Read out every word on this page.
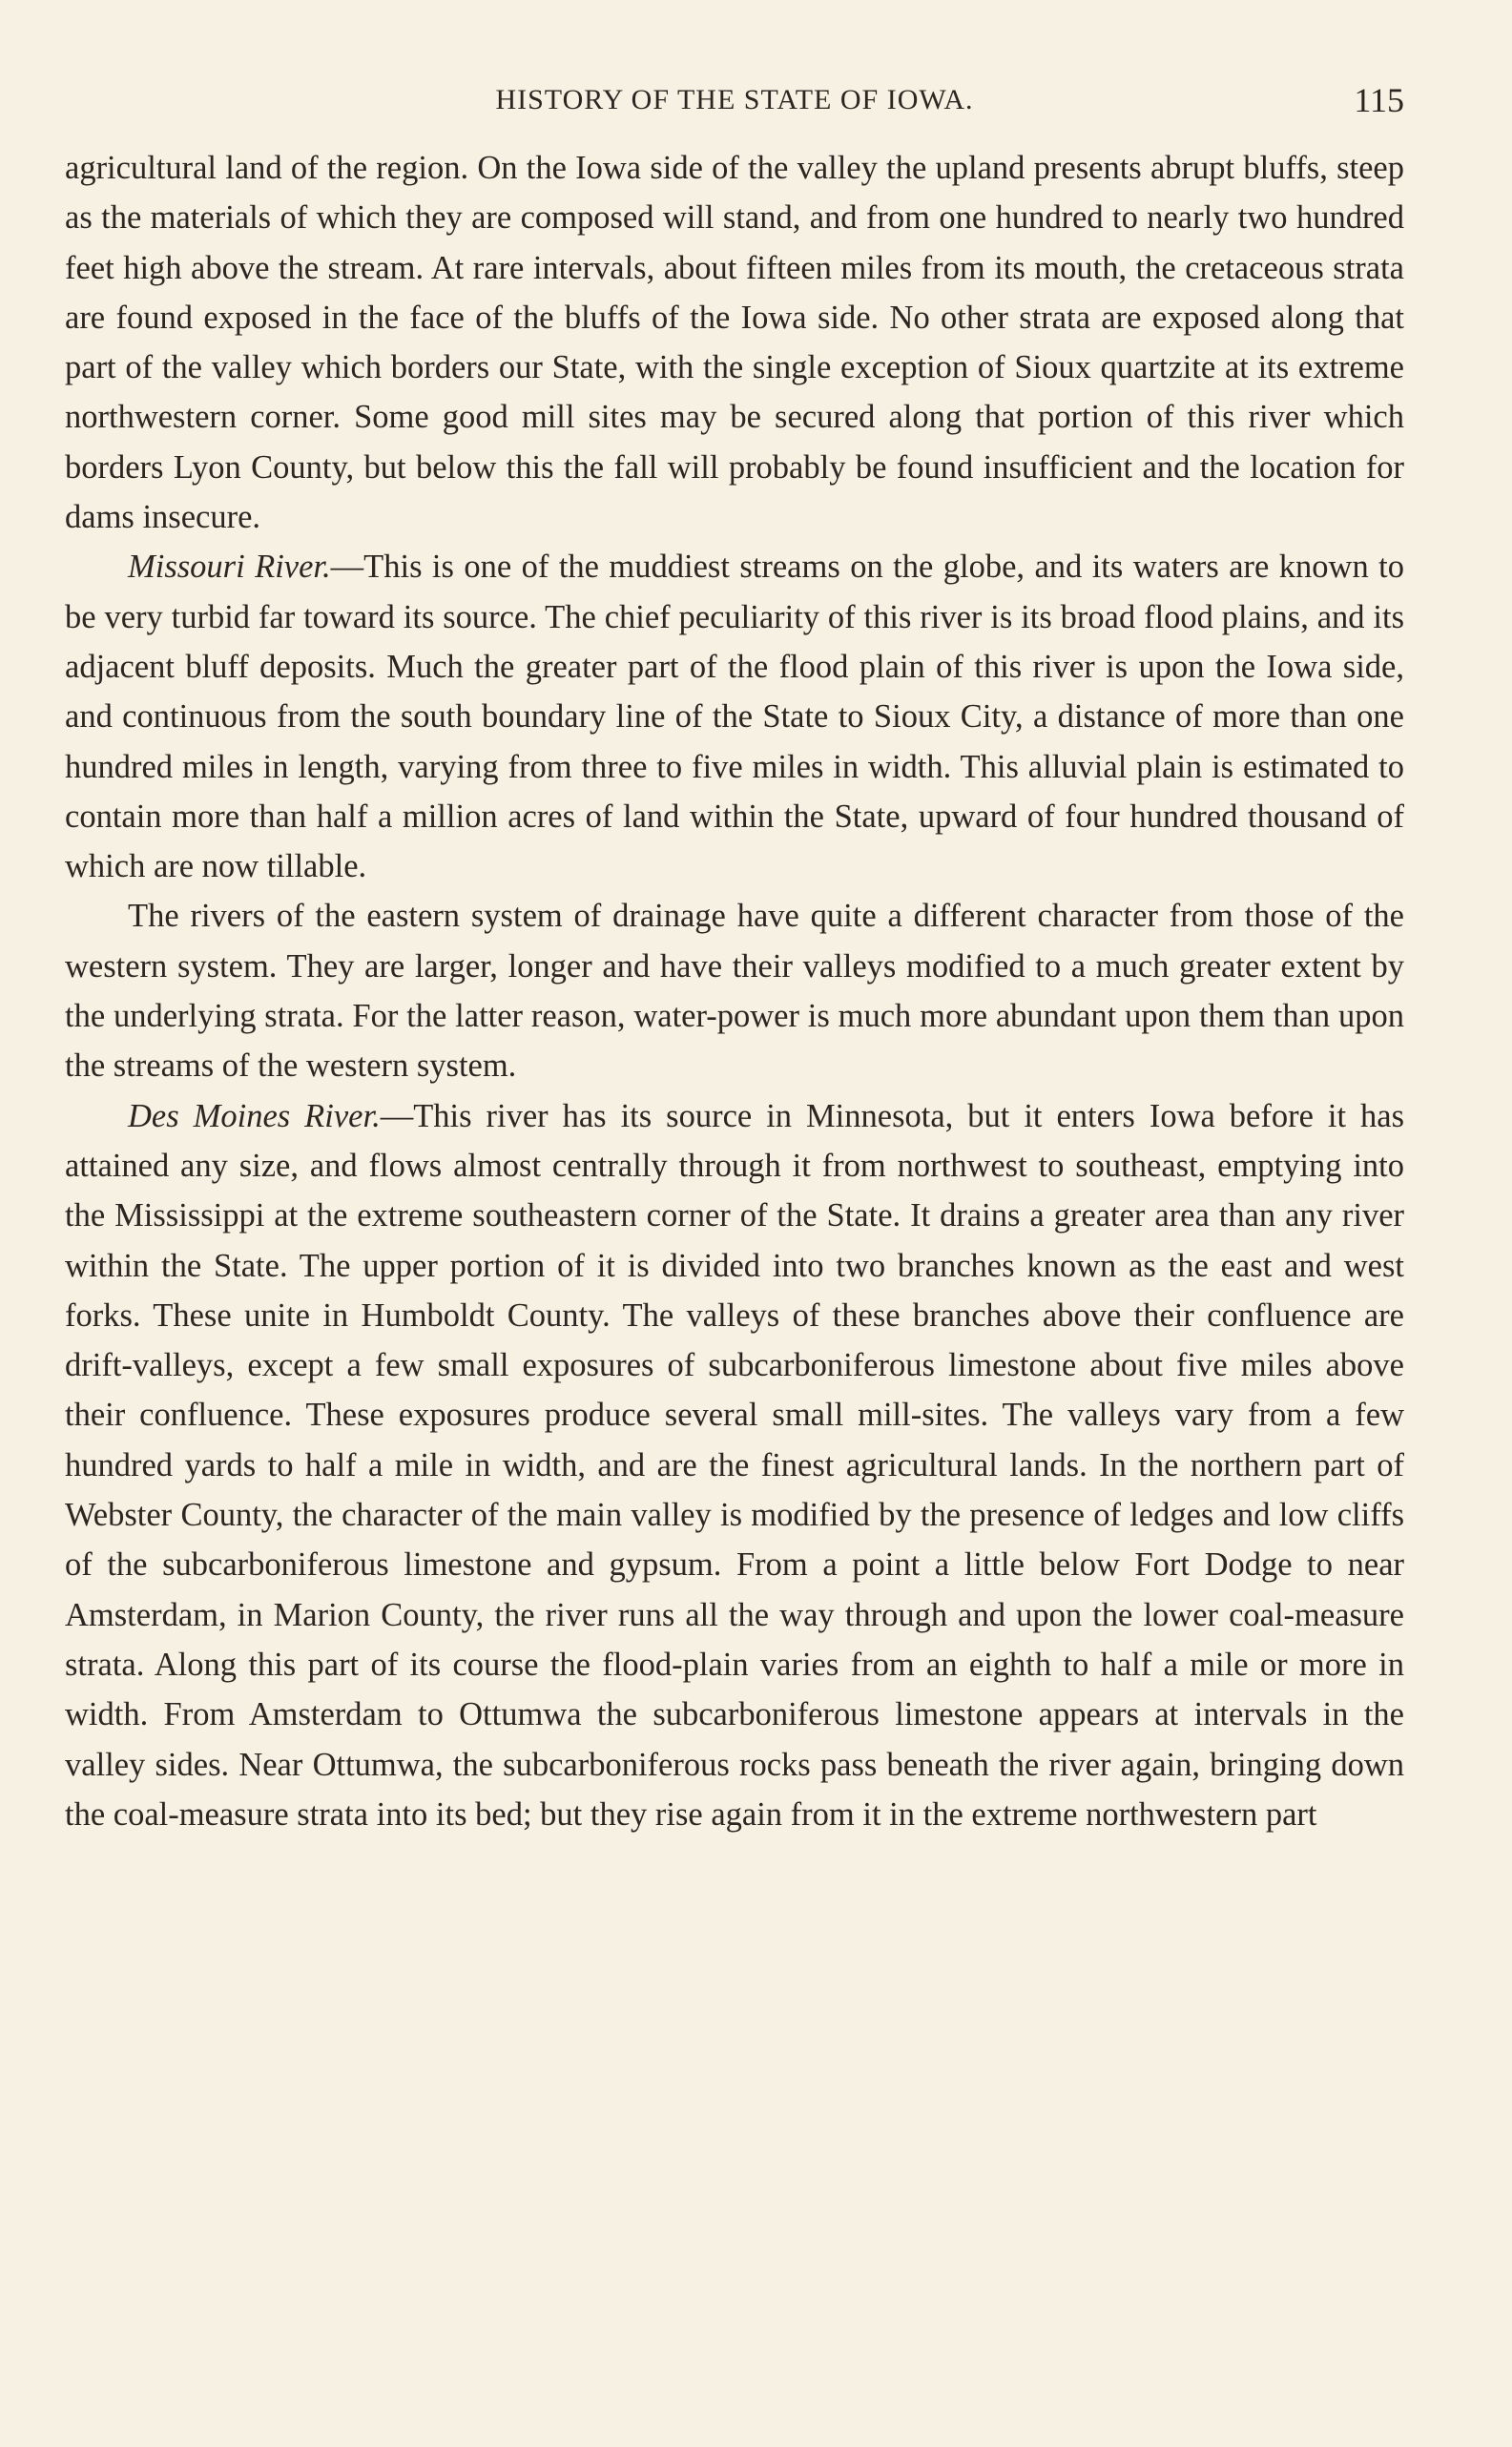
HISTORY OF THE STATE OF IOWA.	115

agricultural land of the region. On the Iowa side of the valley the upland presents abrupt bluffs, steep as the materials of which they are composed will stand, and from one hundred to nearly two hundred feet high above the stream. At rare intervals, about fifteen miles from its mouth, the cretaceous strata are found exposed in the face of the bluffs of the Iowa side. No other strata are exposed along that part of the valley which borders our State, with the single exception of Sioux quartzite at its extreme northwestern corner. Some good mill sites may be secured along that portion of this river which borders Lyon County, but below this the fall will probably be found insufficient and the location for dams insecure.

Missouri River.—This is one of the muddiest streams on the globe, and its waters are known to be very turbid far toward its source. The chief peculiarity of this river is its broad flood plains, and its adjacent bluff deposits. Much the greater part of the flood plain of this river is upon the Iowa side, and continuous from the south boundary line of the State to Sioux City, a distance of more than one hundred miles in length, varying from three to five miles in width. This alluvial plain is estimated to contain more than half a million acres of land within the State, upward of four hundred thousand of which are now tillable.

The rivers of the eastern system of drainage have quite a different character from those of the western system. They are larger, longer and have their valleys modified to a much greater extent by the underlying strata. For the latter reason, water-power is much more abundant upon them than upon the streams of the western system.

Des Moines River.—This river has its source in Minnesota, but it enters Iowa before it has attained any size, and flows almost centrally through it from northwest to southeast, emptying into the Mississippi at the extreme southeastern corner of the State. It drains a greater area than any river within the State. The upper portion of it is divided into two branches known as the east and west forks. These unite in Humboldt County. The valleys of these branches above their confluence are drift-valleys, except a few small exposures of subcarboniferous limestone about five miles above their confluence. These exposures produce several small mill-sites. The valleys vary from a few hundred yards to half a mile in width, and are the finest agricultural lands. In the northern part of Webster County, the character of the main valley is modified by the presence of ledges and low cliffs of the subcarboniferous limestone and gypsum. From a point a little below Fort Dodge to near Amsterdam, in Marion County, the river runs all the way through and upon the lower coal-measure strata. Along this part of its course the flood-plain varies from an eighth to half a mile or more in width. From Amsterdam to Ottumwa the subcarboniferous limestone appears at intervals in the valley sides. Near Ottumwa, the subcarboniferous rocks pass beneath the river again, bringing down the coal-measure strata into its bed; but they rise again from it in the extreme northwestern part
